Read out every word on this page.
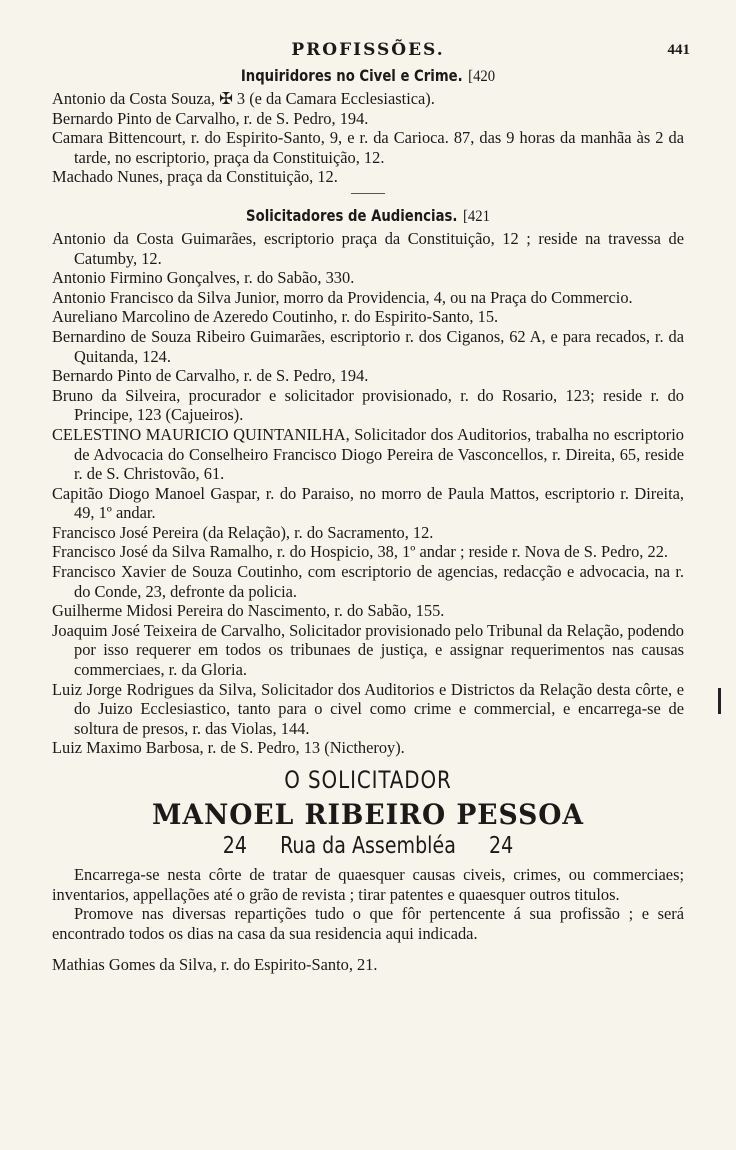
PROFISSÕES.	441
Inquiridores no Civel e Crime. [420

Antonio da Costa Souza, ✠ 3 (e da Camara Ecclesiastica).

Bernardo Pinto de Carvalho, r. de S. Pedro, 194.

Camara Bittencourt, r. do Espirito-Santo, 9, e r. da Carioca. 87, das 9 horas da manhãa às 2 da tarde, no escriptorio, praça da Constituição, 12.

Machado Nunes, praça da Constituição, 12.

Solicitadores de Audiencias. [421

Antonio da Costa Guimarães, escriptorio praça da Constituição, 12 ; reside na travessa de Catumby, 12.

Antonio Firmino Gonçalves, r. do Sabão, 330.

Antonio Francisco da Silva Junior, morro da Providencia, 4, ou na Praça do Commercio.

Aureliano Marcolino de Azeredo Coutinho, r. do Espirito-Santo, 15.

Bernardino de Souza Ribeiro Guimarães, escriptorio r. dos Ciganos, 62 A, e para recados, r. da Quitanda, 124.

Bernardo Pinto de Carvalho, r. de S. Pedro, 194.

Bruno da Silveira, procurador e solicitador provisionado, r. do Rosario, 123; reside r. do Principe, 123 (Cajueiros).

CELESTINO MAURICIO QUINTANILHA, Solicitador dos Auditorios, trabalha no escriptorio de Advocacia do Conselheiro Francisco Diogo Pereira de Vasconcellos, r. Direita, 65, reside r. de S. Christovão, 61.

Capitão Diogo Manoel Gaspar, r. do Paraiso, no morro de Paula Mattos, escriptorio r. Direita, 49, 1º andar.

Francisco José Pereira (da Relação), r. do Sacramento, 12.

Francisco José da Silva Ramalho, r. do Hospicio, 38, 1º andar ; reside r. Nova de S. Pedro, 22.

Francisco Xavier de Souza Coutinho, com escriptorio de agencias, redacção e advocacia, na r. do Conde, 23, defronte da policia.

Guilherme Midosi Pereira do Nascimento, r. do Sabão, 155.

Joaquim José Teixeira de Carvalho, Solicitador provisionado pelo Tribunal da Relação, podendo por isso requerer em todos os tribunaes de justiça, e assignar requerimentos nas causas commerciaes, r. da Gloria.

Luiz Jorge Rodrigues da Silva, Solicitador dos Auditorios e Districtos da Relação desta côrte, e do Juizo Ecclesiastico, tanto para o civel como crime e commercial, e encarrega-se de soltura de presos, r. das Violas, 144.

Luiz Maximo Barbosa, r. de S. Pedro, 13 (Nictheroy).

O SOLICITADOR
MANOEL RIBEIRO PESSOA
24 Rua da Assembléa 24

Encarrega-se nesta côrte de tratar de quaesquer causas civeis, crimes, ou commerciaes; inventarios, appellações até o grão de revista ; tirar patentes e quaesquer outros titulos.

Promove nas diversas repartições tudo o que fôr pertencente á sua profissão ; e será encontrado todos os dias na casa da sua residencia aqui indicada.

Mathias Gomes da Silva, r. do Espirito-Santo, 21.
